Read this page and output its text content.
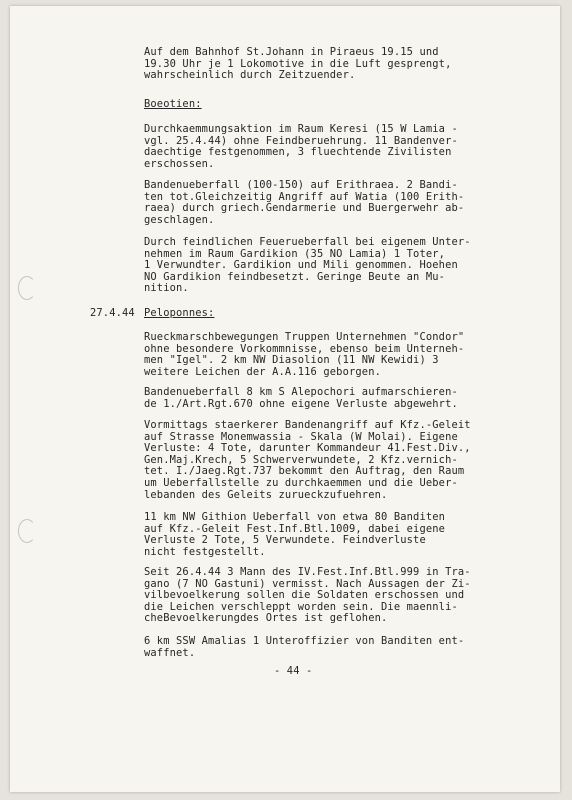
Auf dem Bahnhof St.Johann in Piraeus 19.15 und
19.30 Uhr je 1 Lokomotive in die Luft gesprengt,
wahrscheinlich durch Zeitzuender.
Boeotien:
Durchkaemmungsaktion im Raum Keresi (15 W Lamia -
vgl. 25.4.44) ohne Feindberuehrung. 11 Bandenver-
daechtige festgenommen, 3 fluechtende Zivilisten
erschossen.
Bandenueberfall (100-150) auf Erithraea. 2 Bandi-
ten tot.Gleichzeitig Angriff auf Watia (100 Erith-
raea) durch griech.Gendarmerie und Buergerwehr ab-
geschlagen.
Durch feindlichen Feuerueberfall bei eigenem Unter-
nehmen im Raum Gardikion (35 NO Lamia) 1 Toter,
1 Verwundter. Gardikion und Mili genommen. Hoehen
NO Gardikion feindbesetzt. Geringe Beute an Mu-
nition.
27.4.44 Peloponnes:
Rueckmarschbewegungen Truppen Unternehmen "Condor"
ohne besondere Vorkommnisse, ebenso beim Unterneh-
men "Igel". 2 km NW Diasolion (11 NW Kewidi) 3
weitere Leichen der A.A.116 geborgen.
Bandenueberfall 8 km S Alepochori aufmarschieren-
de 1./Art.Rgt.670 ohne eigene Verluste abgewehrt.
Vormittags staerkerer Bandenangriff auf Kfz.-Geleit
auf Strasse Monemwassia - Skala (W Molai). Eigene
Verluste: 4 Tote, darunter Kommandeur 41.Fest.Div.,
Gen.Maj.Krech, 5 Schwerverwundete, 2 Kfz.vernich-
tet. I./Jaeg.Rgt.737 bekommt den Auftrag, den Raum
um Ueberfallstelle zu durchkaemmen und die Ueber-
lebanden des Geleits zurueckzufuehren.
11 km NW Githion Ueberfall von etwa 80 Banditen
auf Kfz.-Geleit Fest.Inf.Btl.1009, dabei eigene
Verluste 2 Tote, 5 Verwundete. Feindverluste
nicht festgestellt.
Seit 26.4.44 3 Mann des IV.Fest.Inf.Btl.999 in Tra-
gano (7 NO Gastuni) vermisst. Nach Aussagen der Zi-
vilbevoelkerung sollen die Soldaten erschossen und
die Leichen verschleppt worden sein. Die maennli-
cheBevoelkerungdes Ortes ist geflohen.
6 km SSW Amalias 1 Unteroffizier von Banditen ent-
waffnet.
- 44 -
